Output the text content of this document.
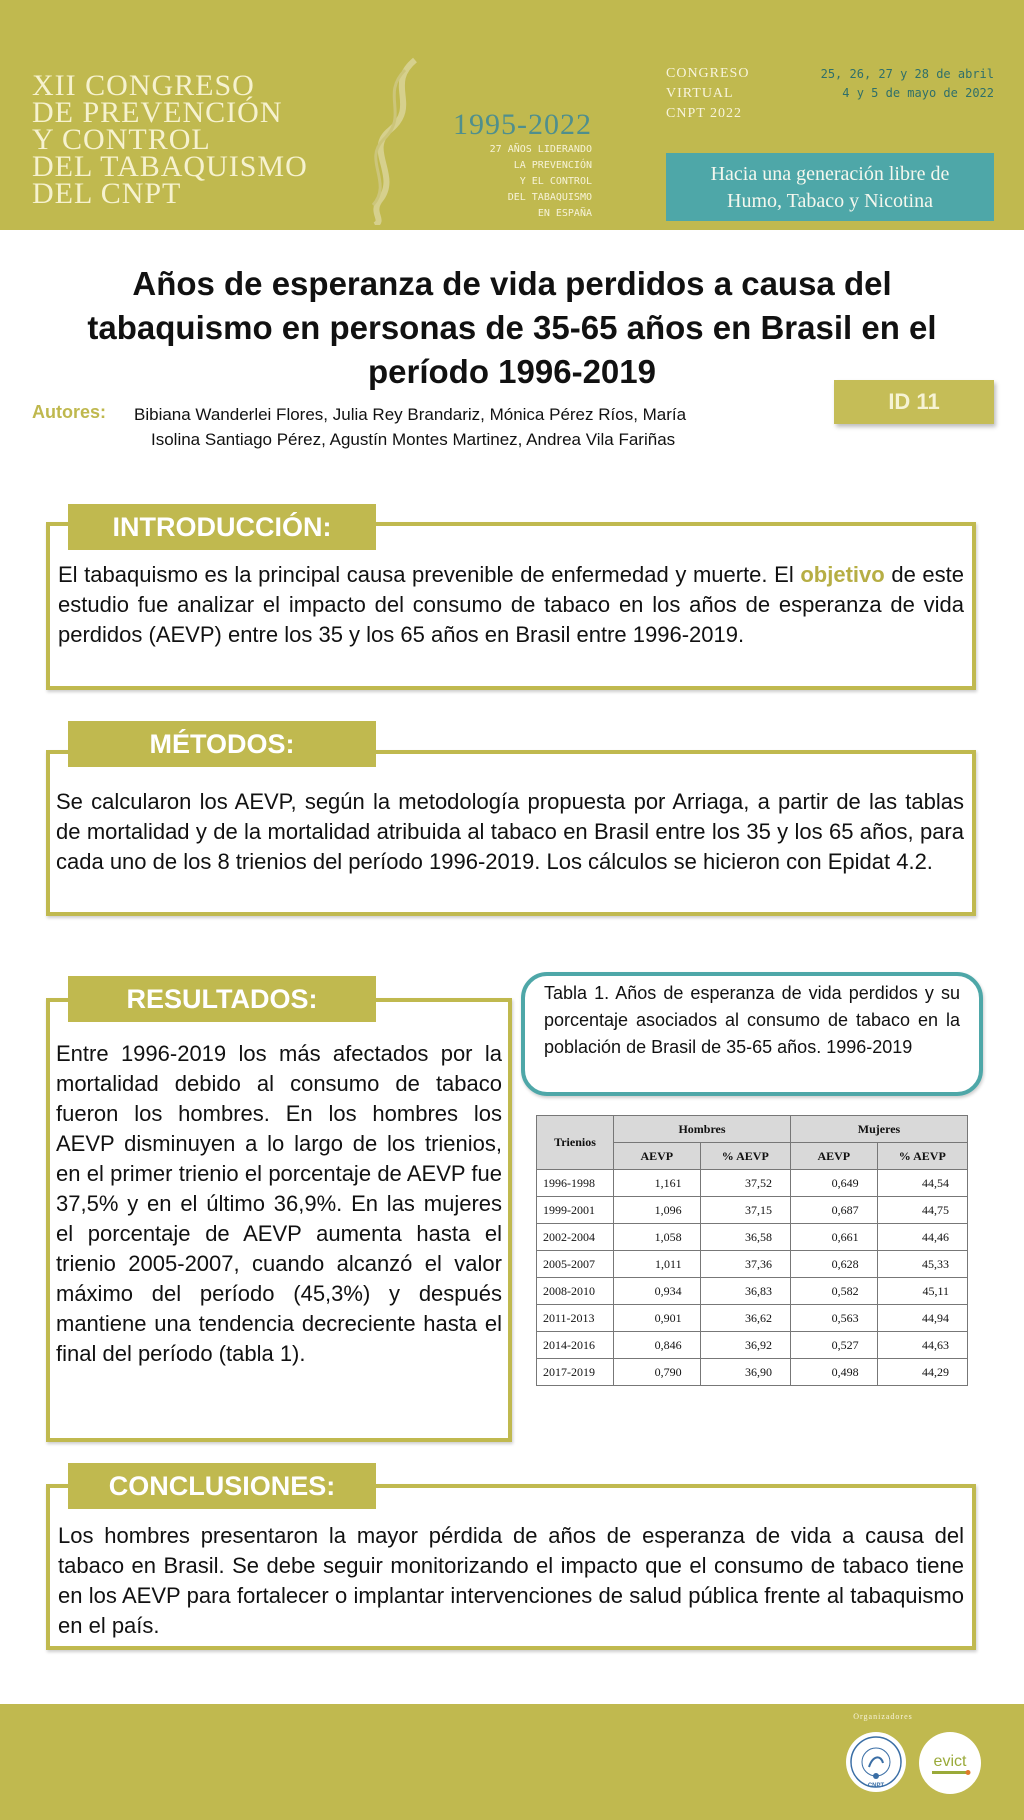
XII CONGRESO
DE PREVENCIÓN
Y CONTROL
DEL TABAQUISMO
DEL CNPT
1995-2022
27 AÑOS LIDERANDO
LA PREVENCIÓN
Y EL CONTROL
DEL TABAQUISMO
EN ESPAÑA
CONGRESO
VIRTUAL
CNPT 2022
25, 26, 27 y 28 de abril
4 y 5 de mayo de 2022
Hacia una generación libre de
Humo, Tabaco y Nicotina
Años de esperanza de vida perdidos a causa del tabaquismo en personas de 35-65 años en Brasil en el período 1996-2019
Autores: Bibiana Wanderlei Flores, Julia Rey Brandariz, Mónica Pérez Ríos, María
Isolina Santiago Pérez, Agustín Montes Martinez, Andrea Vila Fariñas
ID 11
INTRODUCCIÓN:
El tabaquismo es la principal causa prevenible de enfermedad y muerte. El objetivo de este estudio fue analizar el impacto del consumo de tabaco en los años de esperanza de vida perdidos (AEVP) entre los 35 y los 65 años en Brasil entre 1996-2019.
MÉTODOS:
Se calcularon los AEVP, según la metodología propuesta por Arriaga, a partir de las tablas de mortalidad y de la mortalidad atribuida al tabaco en Brasil entre los 35 y los 65 años, para cada uno de los 8 trienios del período 1996-2019. Los cálculos se hicieron con Epidat 4.2.
RESULTADOS:
Entre 1996-2019 los más afectados por la mortalidad debido al consumo de tabaco fueron los hombres. En los hombres los AEVP disminuyen a lo largo de los trienios, en el primer trienio el porcentaje de AEVP fue 37,5% y en el último 36,9%. En las mujeres el porcentaje de AEVP aumenta hasta el trienio 2005-2007, cuando alcanzó el valor máximo del período (45,3%) y después mantiene una tendencia decreciente hasta el final del período (tabla 1).
Tabla 1. Años de esperanza de vida perdidos y su porcentaje asociados al consumo de tabaco en la población de Brasil de 35-65 años. 1996-2019
Trienios	Hombres		Mujeres	
	AEVP	% AEVP	AEVP	% AEVP
1996-1998	1,161	37,52	0,649	44,54
1999-2001	1,096	37,15	0,687	44,75
2002-2004	1,058	36,58	0,661	44,46
2005-2007	1,011	37,36	0,628	45,33
2008-2010	0,934	36,83	0,582	45,11
2011-2013	0,901	36,62	0,563	44,94
2014-2016	0,846	36,92	0,527	44,63
2017-2019	0,790	36,90	0,498	44,29
CONCLUSIONES:
Los hombres presentaron la mayor pérdida de años de esperanza de vida a causa del tabaco en Brasil. Se debe seguir monitorizando el impacto que el consumo de tabaco tiene en los AEVP para fortalecer o implantar intervenciones de salud pública frente al tabaquismo en el país.
Organizadores
CNPT
evict
